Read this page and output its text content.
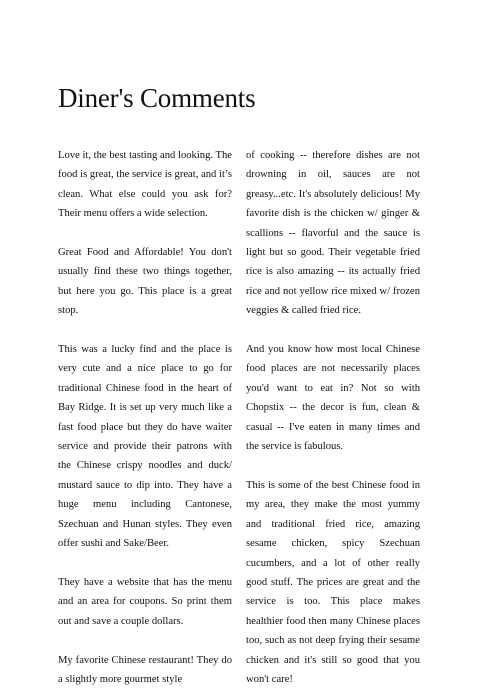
Diner's Comments

Love it, the best tasting and looking. The food is great, the service is great, and it’s clean. What else could you ask for? Their menu offers a wide selection.

Great Food and Affordable! You don't usually find these two things together, but here you go. This place is a great stop.

This was a lucky find and the place is very cute and a nice place to go for traditional Chinese food in the heart of Bay Ridge. It is set up very much like a fast food place but they do have waiter service and provide their patrons with the Chinese crispy noodles and duck/ mustard sauce to dip into. They have a huge menu including Cantonese, Szechuan and Hunan styles. They even offer sushi and Sake/Beer.

They have a website that has the menu and an area for coupons. So print them out and save a couple dollars.

My favorite Chinese restaurant! They do a slightly more gourmet style

of cooking -- therefore dishes are not drowning in oil, sauces are not greasy...etc. It's absolutely delicious! My favorite dish is the chicken w/ ginger & scallions -- flavorful and the sauce is light but so good. Their vegetable fried rice is also amazing -- its actually fried rice and not yellow rice mixed w/ frozen veggies & called fried rice.

And you know how most local Chinese food places are not necessarily places you'd want to eat in? Not so with Chopstix -- the decor is fun, clean & casual -- I've eaten in many times and the service is fabulous.

This is some of the best Chinese food in my area, they make the most yummy and traditional fried rice, amazing sesame chicken, spicy Szechuan cucumbers, and a lot of other really good stuff. The prices are great and the service is too. This place makes healthier food then many Chinese places too, such as not deep frying their sesame chicken and it's still so good that you won't care!
